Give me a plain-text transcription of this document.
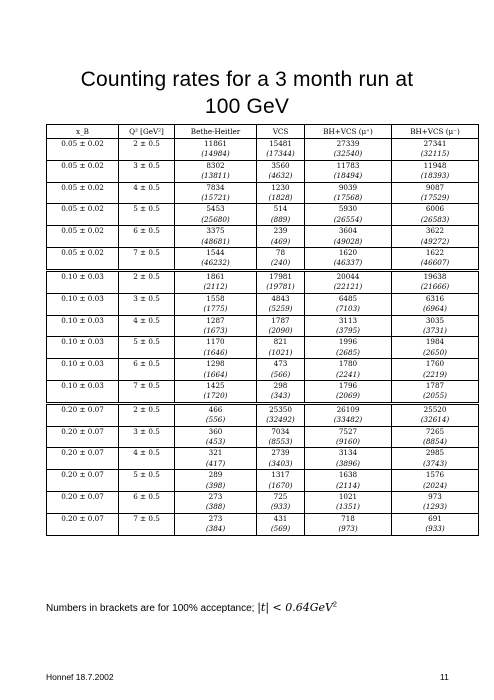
Counting rates for a 3 month run at
100 GeV
x_B	Q² [GeV²]	Bethe-Heitler	VCS	BH+VCS (μ⁺)	BH+VCS (μ⁻)
0.05 ± 0.02	2 ± 0.5	11861	15481	27339	27341
		(14984)	(17344)	(32540)	(32115)
0.05 ± 0.02	3 ± 0.5	8302	3560	11783	11948
		(13811)	(4632)	(18494)	(18393)
0.05 ± 0.02	4 ± 0.5	7834	1230	9039	9087
		(15721)	(1828)	(17568)	(17529)
0.05 ± 0.02	5 ± 0.5	5453	514	5930	6006
		(25680)	(889)	(26554)	(26583)
0.05 ± 0.02	6 ± 0.5	3375	239	3604	3622
		(48681)	(469)	(49028)	(49272)
0.05 ± 0.02	7 ± 0.5	1544	78	1620	1622
		(46232)	(240)	(46337)	(46607)
0.10 ± 0.03	2 ± 0.5	1861	17981	20044	19638
		(2112)	(19781)	(22121)	(21666)
0.10 ± 0.03	3 ± 0.5	1558	4843	6485	6316
		(1775)	(5259)	(7103)	(6964)
0.10 ± 0.03	4 ± 0.5	1287	1787	3113	3035
		(1673)	(2090)	(3795)	(3731)
0.10 ± 0.03	5 ± 0.5	1170	821	1996	1984
		(1646)	(1021)	(2685)	(2650)
0.10 ± 0.03	6 ± 0.5	1298	473	1780	1760
		(1664)	(566)	(2241)	(2219)
0.10 ± 0.03	7 ± 0.5	1425	298	1796	1787
		(1720)	(343)	(2069)	(2055)
0.20 ± 0.07	2 ± 0.5	466	25350	26109	25520
		(556)	(32492)	(33482)	(32614)
0.20 ± 0.07	3 ± 0.5	360	7034	7527	7265
		(453)	(8553)	(9160)	(8854)
0.20 ± 0.07	4 ± 0.5	321	2739	3134	2985
		(417)	(3403)	(3896)	(3743)
0.20 ± 0.07	5 ± 0.5	289	1317	1638	1576
		(398)	(1670)	(2114)	(2024)
0.20 ± 0.07	6 ± 0.5	273	725	1021	973
		(388)	(933)	(1351)	(1293)
0.20 ± 0.07	7 ± 0.5	273	431	718	691
		(384)	(569)	(973)	(933)
Numbers in brackets are for 100% acceptance; |t| < 0.64GeV$^2$
Honnef 18.7.2002	11
